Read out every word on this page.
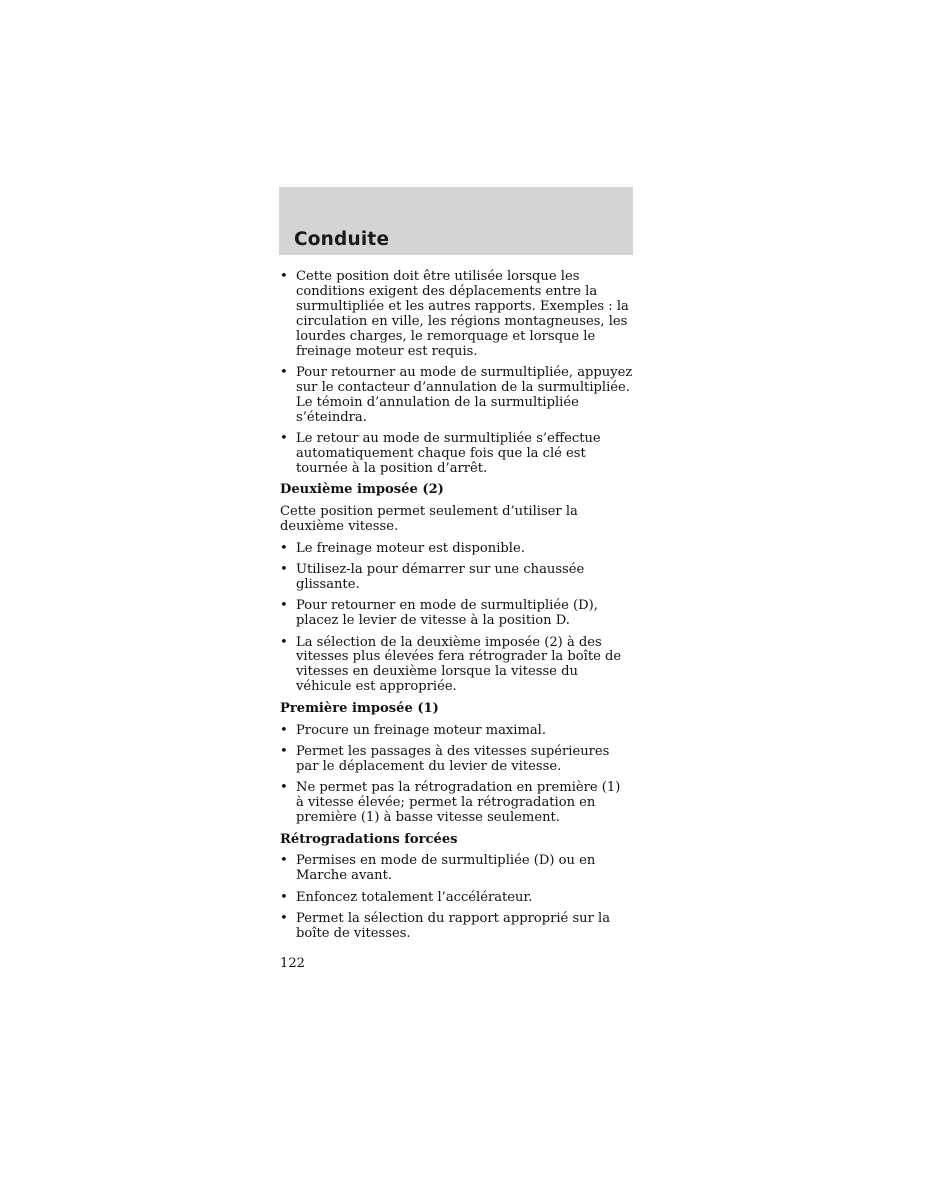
Conduite
• Cette position doit être utilisée lorsque les
conditions exigent des déplacements entre la
surmultipliée et les autres rapports. Exemples : la
circulation en ville, les régions montagneuses, les
lourdes charges, le remorquage et lorsque le
freinage moteur est requis.
• Pour retourner au mode de surmultipliée, appuyez
sur le contacteur d’annulation de la surmultipliée.
Le témoin d’annulation de la surmultipliée
s’éteindra.
• Le retour au mode de surmultipliée s’effectue
automatiquement chaque fois que la clé est
tournée à la position d’arrêt.
Deuxième imposée (2)

Cette position permet seulement d’utiliser la
deuxième vitesse.

• Le freinage moteur est disponible.
• Utilisez-la pour démarrer sur une chaussée
glissante.
• Pour retourner en mode de surmultipliée (D),
placez le levier de vitesse à la position D.
• La sélection de la deuxième imposée (2) à des
vitesses plus élevées fera rétrograder la boîte de
vitesses en deuxième lorsque la vitesse du
véhicule est appropriée.
Première imposée (1)
• Procure un freinage moteur maximal.
• Permet les passages à des vitesses supérieures
par le déplacement du levier de vitesse.
• Ne permet pas la rétrogradation en première (1)
à vitesse élevée; permet la rétrogradation en
première (1) à basse vitesse seulement.
Rétrogradations forcées
• Permises en mode de surmultipliée (D) ou en
Marche avant.
• Enfoncez totalement l’accélérateur.
• Permet la sélection du rapport approprié sur la
boîte de vitesses.
122
